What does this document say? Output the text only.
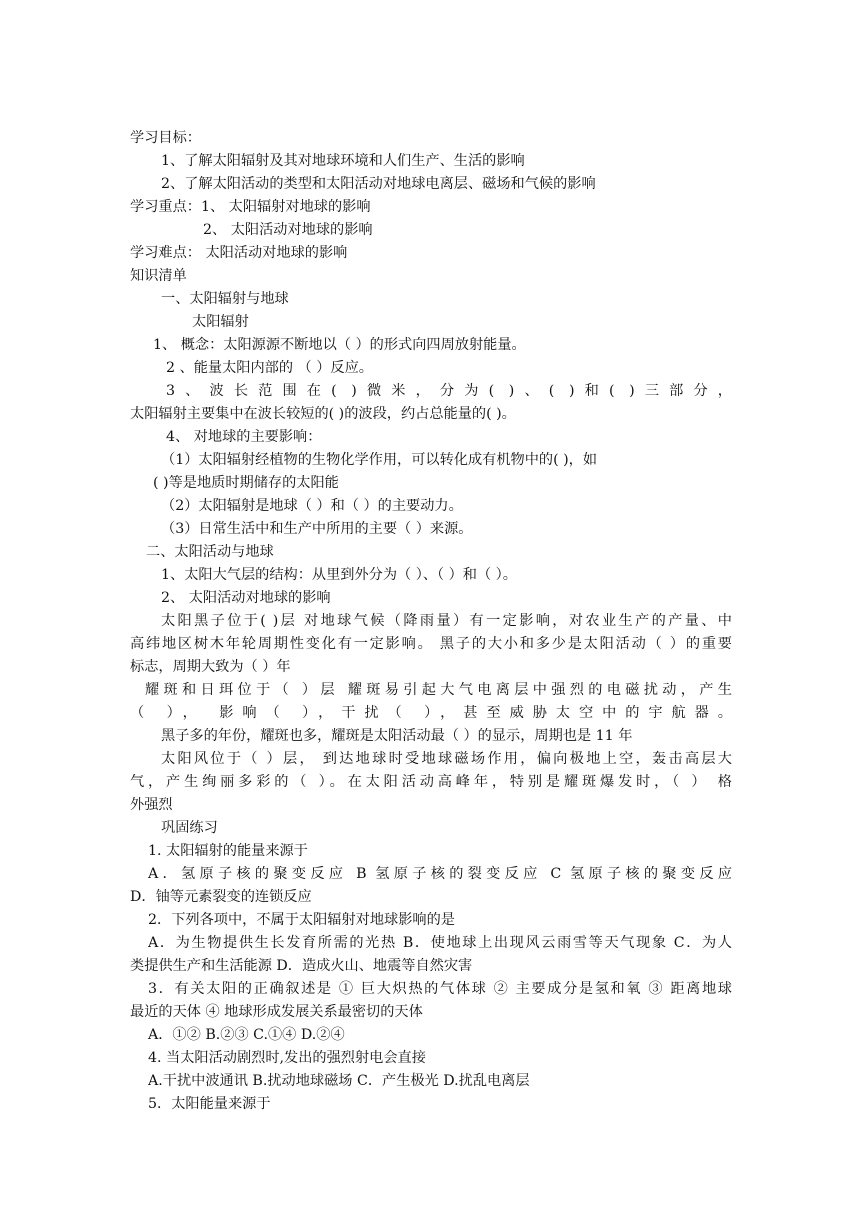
学习目标：
1、了解太阳辐射及其对地球环境和人们生产、生活的影响
2、了解太阳活动的类型和太阳活动对地球电离层、磁场和气候的影响
学习重点：1、 太阳辐射对地球的影响
2、 太阳活动对地球的影响
学习难点： 太阳活动对地球的影响
知识清单
一、太阳辐射与地球
太阳辐射
1、 概念：太阳源源不断地以（ ）的形式向四周放射能量。
2 、能量太阳内部的 （ ）反应。
3、波长范围在( )微米，分为( )、( )和( )三部分，
太阳辐射主要集中在波长较短的( )的波段，约占总能量的( )。
4、 对地球的主要影响：
（1）太阳辐射经植物的生物化学作用，可以转化成有机物中的( )，如
( )等是地质时期储存的太阳能
（2）太阳辐射是地球（ ）和（ ）的主要动力。
（3）日常生活中和生产中所用的主要（ ）来源。
二、太阳活动与地球
1、太阳大气层的结构：从里到外分为（ ）、（ ）和（ ）。
2、 太阳活动对地球的影响
太阳黑子位于( )层 对地球气候（降雨量）有一定影响，对农业生产的产量、中
高纬地区树木年轮周期性变化有一定影响。 黑子的大小和多少是太阳活动（ ）的重要
标志，周期大致为（ ）年
耀斑和日珥位于（ ）层 耀斑易引起大气电离层中强烈的电磁扰动，产生
（ ）， 影响（ ），干扰（ ），甚至威胁太空中的宇航器。
黑子多的年份，耀斑也多，耀斑是太阳活动最（ ）的显示，周期也是 11 年
太阳风位于（ ）层， 到达地球时受地球磁场作用，偏向极地上空，轰击高层大
气，产生绚丽多彩的（ ）。在太阳活动高峰年，特别是耀斑爆发时，（ ） 格
外强烈
巩固练习
1. 太阳辐射的能量来源于
A．氢原子核的聚变反应 B 氢原子核的裂变反应 C 氢原子核的聚变反应
D．铀等元素裂变的连锁反应
2．下列各项中，不属于太阳辐射对地球影响的是
A．为生物提供生长发育所需的光热 B．使地球上出现风云雨雪等天气现象 C．为人
类提供生产和生活能源 D．造成火山、地震等自然灾害
3．有关太阳的正确叙述是 ① 巨大炽热的气体球 ② 主要成分是氢和氧 ③ 距离地球
最近的天体 ④ 地球形成发展关系最密切的天体
A．①② B.②③ C.①④ D.②④
4. 当太阳活动剧烈时,发出的强烈射电会直接
A.干扰中波通讯 B.扰动地球磁场 C．产生极光 D.扰乱电离层
5．太阳能量来源于
